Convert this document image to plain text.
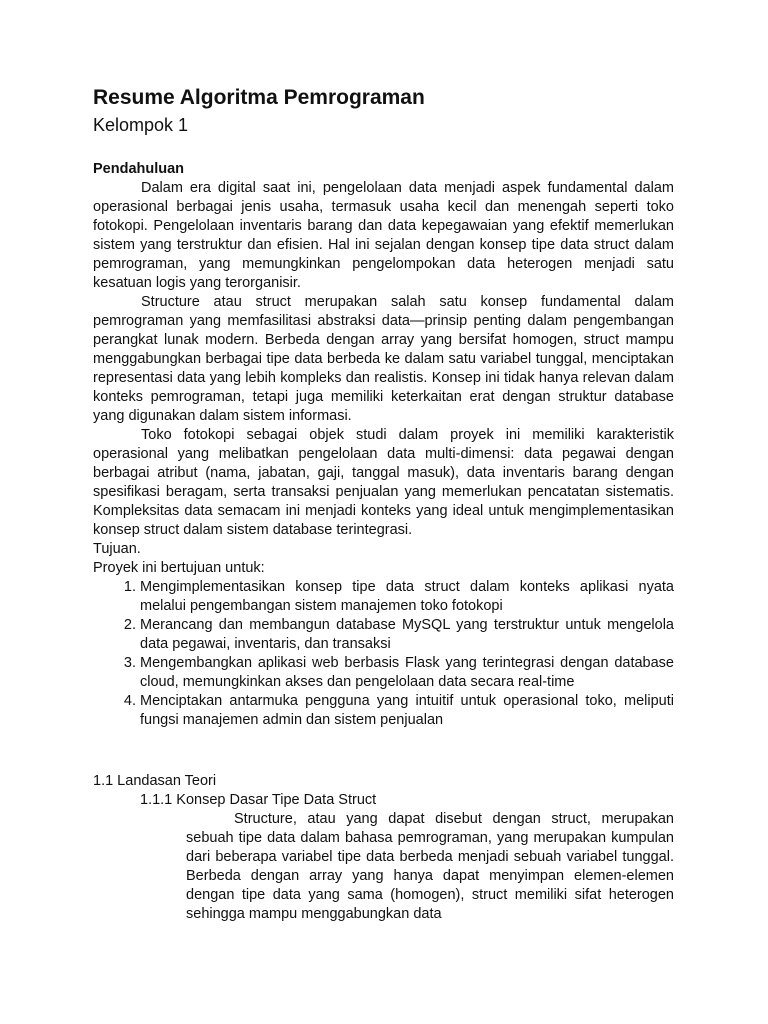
Resume Algoritma Pemrograman

Kelompok 1

Pendahuluan

Dalam era digital saat ini, pengelolaan data menjadi aspek fundamental dalam operasional berbagai jenis usaha, termasuk usaha kecil dan menengah seperti toko fotokopi. Pengelolaan inventaris barang dan data kepegawaian yang efektif memerlukan sistem yang terstruktur dan efisien. Hal ini sejalan dengan konsep tipe data struct dalam pemrograman, yang memungkinkan pengelompokan data heterogen menjadi satu kesatuan logis yang terorganisir.

Structure atau struct merupakan salah satu konsep fundamental dalam pemrograman yang memfasilitasi abstraksi data—prinsip penting dalam pengembangan perangkat lunak modern. Berbeda dengan array yang bersifat homogen, struct mampu menggabungkan berbagai tipe data berbeda ke dalam satu variabel tunggal, menciptakan representasi data yang lebih kompleks dan realistis. Konsep ini tidak hanya relevan dalam konteks pemrograman, tetapi juga memiliki keterkaitan erat dengan struktur database yang digunakan dalam sistem informasi.

Toko fotokopi sebagai objek studi dalam proyek ini memiliki karakteristik operasional yang melibatkan pengelolaan data multi-dimensi: data pegawai dengan berbagai atribut (nama, jabatan, gaji, tanggal masuk), data inventaris barang dengan spesifikasi beragam, serta transaksi penjualan yang memerlukan pencatatan sistematis. Kompleksitas data semacam ini menjadi konteks yang ideal untuk mengimplementasikan konsep struct dalam sistem database terintegrasi.

Tujuan.

Proyek ini bertujuan untuk:

1. Mengimplementasikan konsep tipe data struct dalam konteks aplikasi nyata melalui pengembangan sistem manajemen toko fotokopi
2. Merancang dan membangun database MySQL yang terstruktur untuk mengelola data pegawai, inventaris, dan transaksi
3. Mengembangkan aplikasi web berbasis Flask yang terintegrasi dengan database cloud, memungkinkan akses dan pengelolaan data secara real-time
4. Menciptakan antarmuka pengguna yang intuitif untuk operasional toko, meliputi fungsi manajemen admin dan sistem penjualan

1.1 Landasan Teori

1.1.1 Konsep Dasar Tipe Data Struct

Structure, atau yang dapat disebut dengan struct, merupakan sebuah tipe data dalam bahasa pemrograman, yang merupakan kumpulan dari beberapa variabel tipe data berbeda menjadi sebuah variabel tunggal. Berbeda dengan array yang hanya dapat menyimpan elemen-elemen dengan tipe data yang sama (homogen), struct memiliki sifat heterogen sehingga mampu menggabungkan data
